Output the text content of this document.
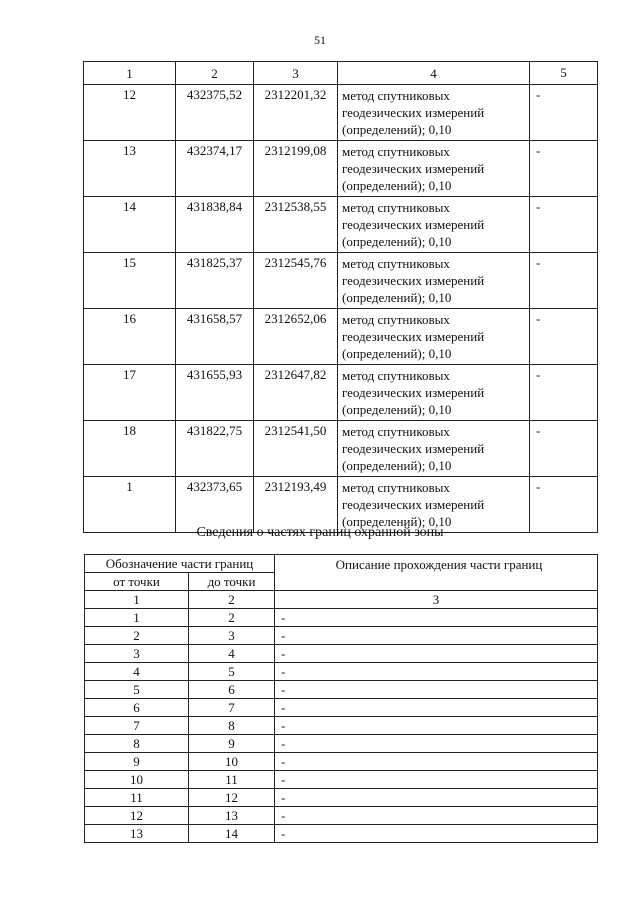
51
1	2	3	4	5
12	432375,52	2312201,32	метод спутниковых
геодезических измерений
(определений); 0,10	-
13	432374,17	2312199,08	метод спутниковых
геодезических измерений
(определений); 0,10	-
14	431838,84	2312538,55	метод спутниковых
геодезических измерений
(определений); 0,10	-
15	431825,37	2312545,76	метод спутниковых
геодезических измерений
(определений); 0,10	-
16	431658,57	2312652,06	метод спутниковых
геодезических измерений
(определений); 0,10	-
17	431655,93	2312647,82	метод спутниковых
геодезических измерений
(определений); 0,10	-
18	431822,75	2312541,50	метод спутниковых
геодезических измерений
(определений); 0,10	-
1	432373,65	2312193,49	метод спутниковых
геодезических измерений
(определений); 0,10	-
Сведения о частях границ охранной зоны
Обозначение части границ		Описание прохождения части границ
от точки	до точки	
1	2	3
1	2	-
2	3	-
3	4	-
4	5	-
5	6	-
6	7	-
7	8	-
8	9	-
9	10	-
10	11	-
11	12	-
12	13	-
13	14	-
